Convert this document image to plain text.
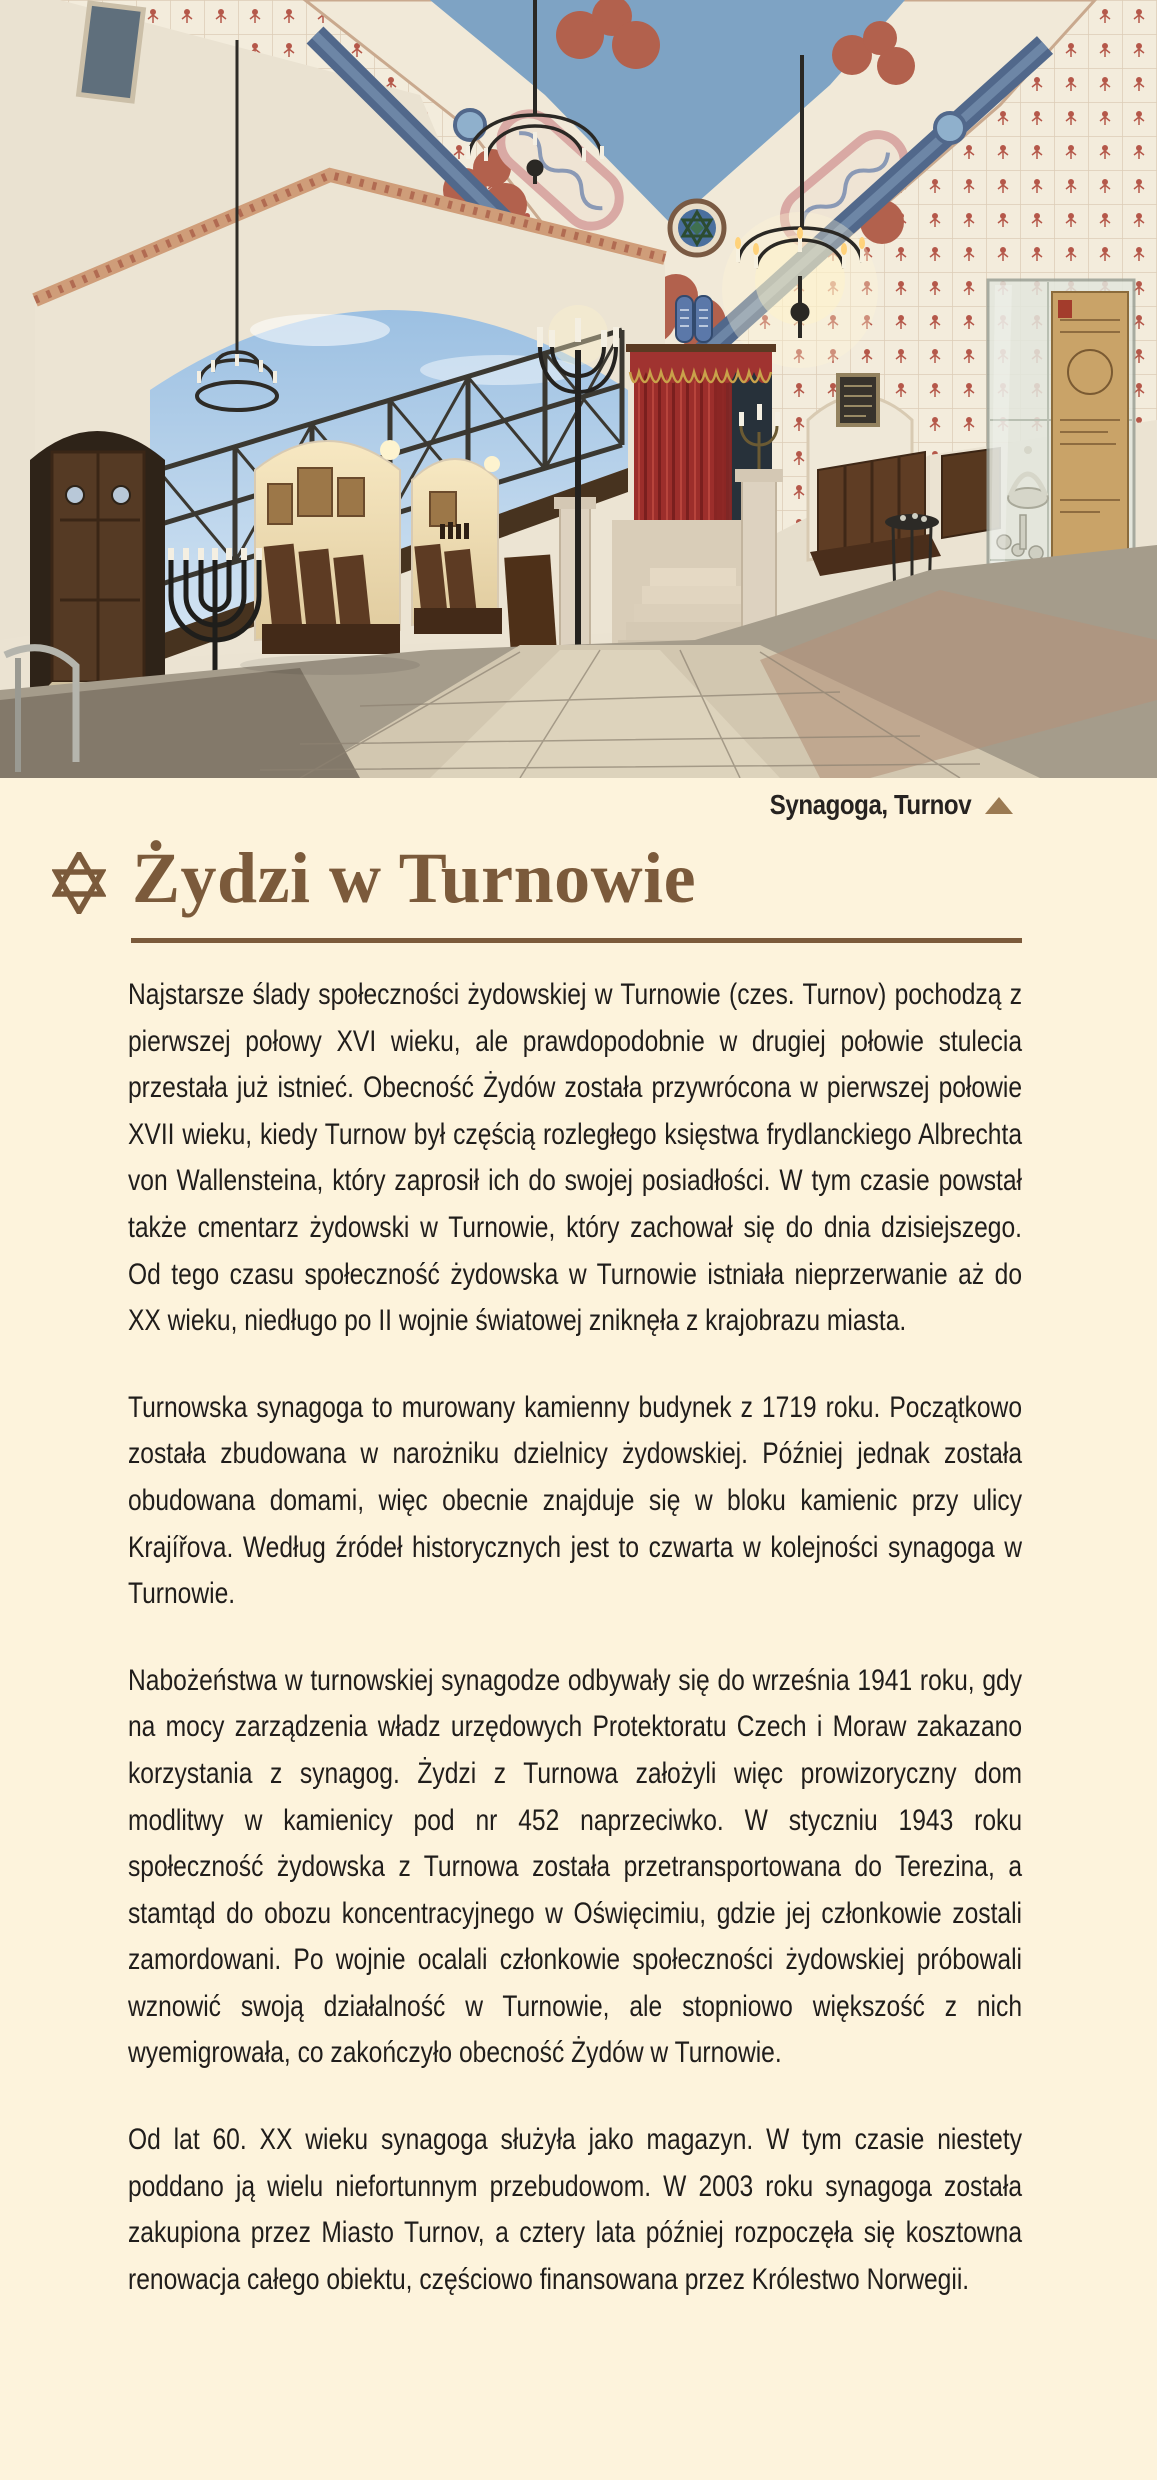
Synagoga, Turnov
Żydzi w Turnowie

Najstarsze ślady społeczności żydowskiej w Turnowie (czes. Turnov) pochodzą z pierwszej połowy XVI wieku, ale prawdopodobnie w drugiej połowie stulecia przestała już istnieć. Obecność Żydów została przywrócona w pierwszej połowie XVII wieku, kiedy Turnow był częścią rozległego księstwa frydlanckiego Albrechta von Wallensteina, który zaprosił ich do swojej posiadłości. W tym czasie powstał także cmentarz żydowski w Turnowie, który zachował się do dnia dzisiejszego. Od tego czasu społeczność żydowska w Turnowie istniała nieprzerwanie aż do XX wieku, niedługo po II wojnie światowej zniknęła z krajobrazu miasta.

Turnowska synagoga to murowany kamienny budynek z 1719 roku. Początkowo została zbudowana w narożniku dzielnicy żydowskiej. Później jednak została obudowana domami, więc obecnie znajduje się w bloku kamienic przy ulicy Krajířova. Według źródeł historycznych jest to czwarta w kolejności synagoga w Turnowie.

Nabożeństwa w turnowskiej synagodze odbywały się do września 1941 roku, gdy na mocy zarządzenia władz urzędowych Protektoratu Czech i Moraw zakazano korzystania z synagog. Żydzi z Turnowa założyli więc prowizoryczny dom modlitwy w kamienicy pod nr 452 naprzeciwko. W styczniu 1943 roku społeczność żydowska z Turnowa została przetransportowana do Terezina, a stamtąd do obozu koncentracyjnego w Oświęcimiu, gdzie jej członkowie zostali zamordowani. Po wojnie ocalali członkowie społeczności żydowskiej próbowali wznowić swoją działalność w Turnowie, ale stopniowo większość z nich wyemigrowała, co zakończyło obecność Żydów w Turnowie.

Od lat 60. XX wieku synagoga służyła jako magazyn. W tym czasie niestety poddano ją wielu niefortunnym przebudowom. W 2003 roku synagoga została zakupiona przez Miasto Turnov, a cztery lata później rozpoczęła się kosztowna renowacja całego obiektu, częściowo finansowana przez Królestwo Norwegii.
